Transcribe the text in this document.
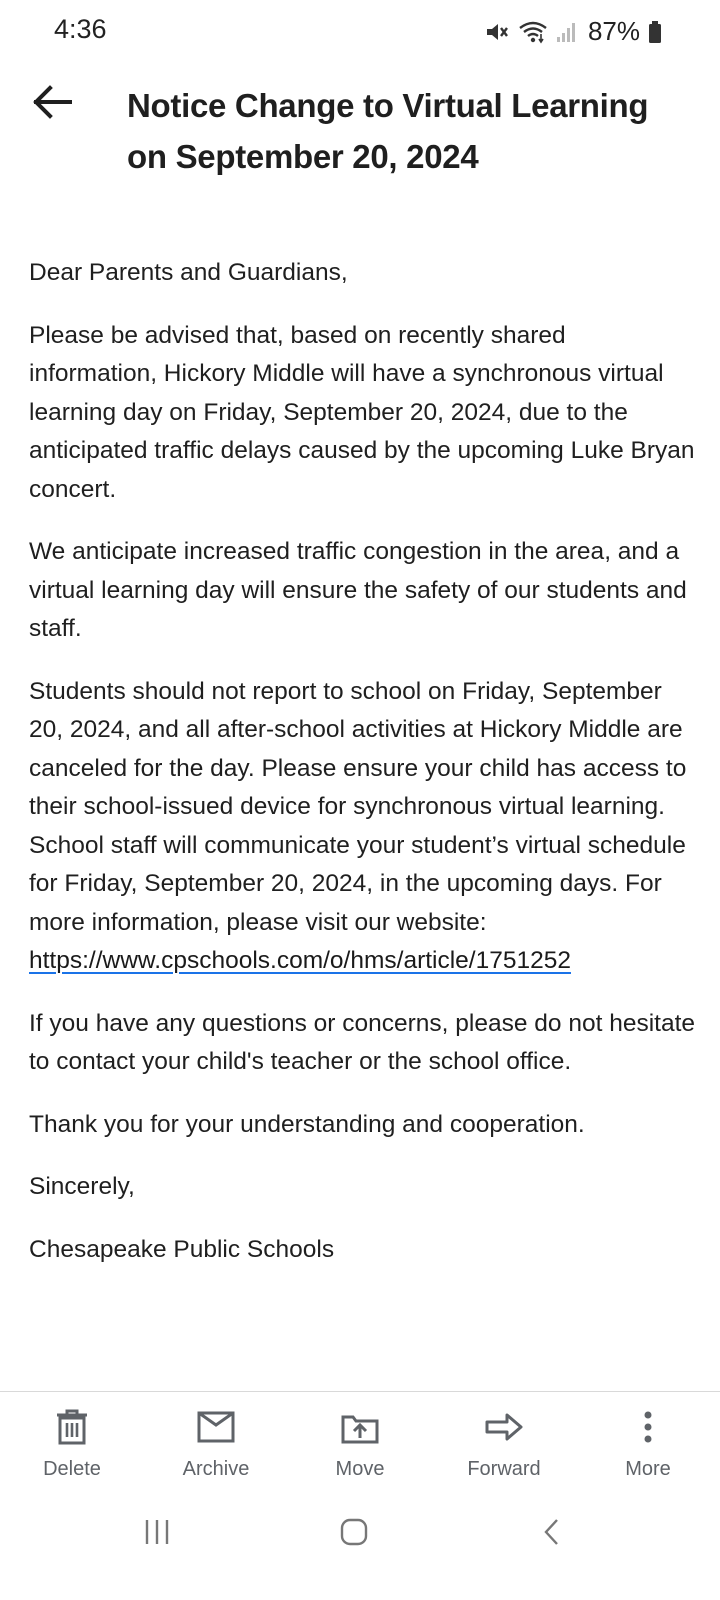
4:36	87%
Notice Change to Virtual Learning on September 20, 2024

Dear Parents and Guardians,

Please be advised that, based on recently shared information, Hickory Middle will have a synchronous virtual learning day on Friday, September 20, 2024, due to the anticipated traffic delays caused by the upcoming Luke Bryan concert.

We anticipate increased traffic congestion in the area, and a virtual learning day will ensure the safety of our students and staff.

Students should not report to school on Friday, September 20, 2024, and all after-school activities at Hickory Middle are canceled for the day. Please ensure your child has access to their school-issued device for synchronous virtual learning. School staff will communicate your student’s virtual schedule for Friday, September 20, 2024, in the upcoming days. For more information, please visit our website:
https://www.cpschools.com/o/hms/article/1751252

If you have any questions or concerns, please do not hesitate to contact your child's teacher or the school office.

Thank you for your understanding and cooperation.

Sincerely,

Chesapeake Public Schools

Delete	Archive	Move	Forward	More
